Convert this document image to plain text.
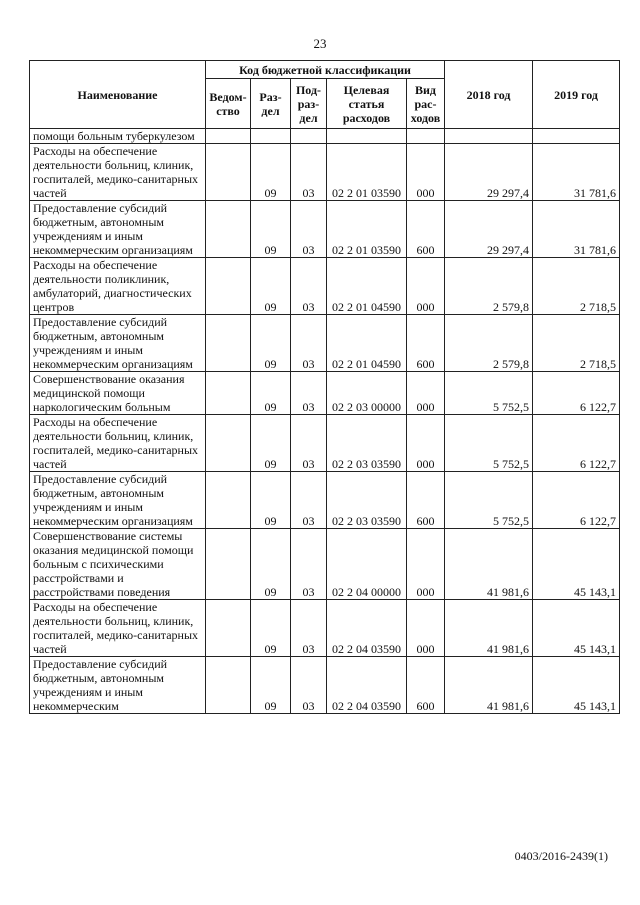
23
Наименование	Код бюджетной классификации					2018 год	2019 год
	Ведом-ство	Раз-дел	Под-раз-дел	Целевая статья расходов	Вид рас-ходов		
помощи больным туберкулезом							
Расходы на обеспечение деятельности больниц, клиник, госпиталей, медико-санитарных частей		09	03	02 2 01 03590	000	29 297,4	31 781,6
Предоставление субсидий бюджетным, автономным учреждениям и иным некоммерческим организациям		09	03	02 2 01 03590	600	29 297,4	31 781,6
Расходы на обеспечение деятельности поликлиник, амбулаторий, диагностических центров		09	03	02 2 01 04590	000	2 579,8	2 718,5
Предоставление субсидий бюджетным, автономным учреждениям и иным некоммерческим организациям		09	03	02 2 01 04590	600	2 579,8	2 718,5
Совершенствование оказания медицинской помощи наркологическим больным		09	03	02 2 03 00000	000	5 752,5	6 122,7
Расходы на обеспечение деятельности больниц, клиник, госпиталей, медико-санитарных частей		09	03	02 2 03 03590	000	5 752,5	6 122,7
Предоставление субсидий бюджетным, автономным учреждениям и иным некоммерческим организациям		09	03	02 2 03 03590	600	5 752,5	6 122,7
Совершенствование системы оказания медицинской помощи больным с психическими расстройствами и расстройствами поведения		09	03	02 2 04 00000	000	41 981,6	45 143,1
Расходы на обеспечение деятельности больниц, клиник, госпиталей, медико-санитарных частей		09	03	02 2 04 03590	000	41 981,6	45 143,1
Предоставление субсидий бюджетным, автономным учреждениям и иным некоммерческим		09	03	02 2 04 03590	600	41 981,6	45 143,1
0403/2016-2439(1)
